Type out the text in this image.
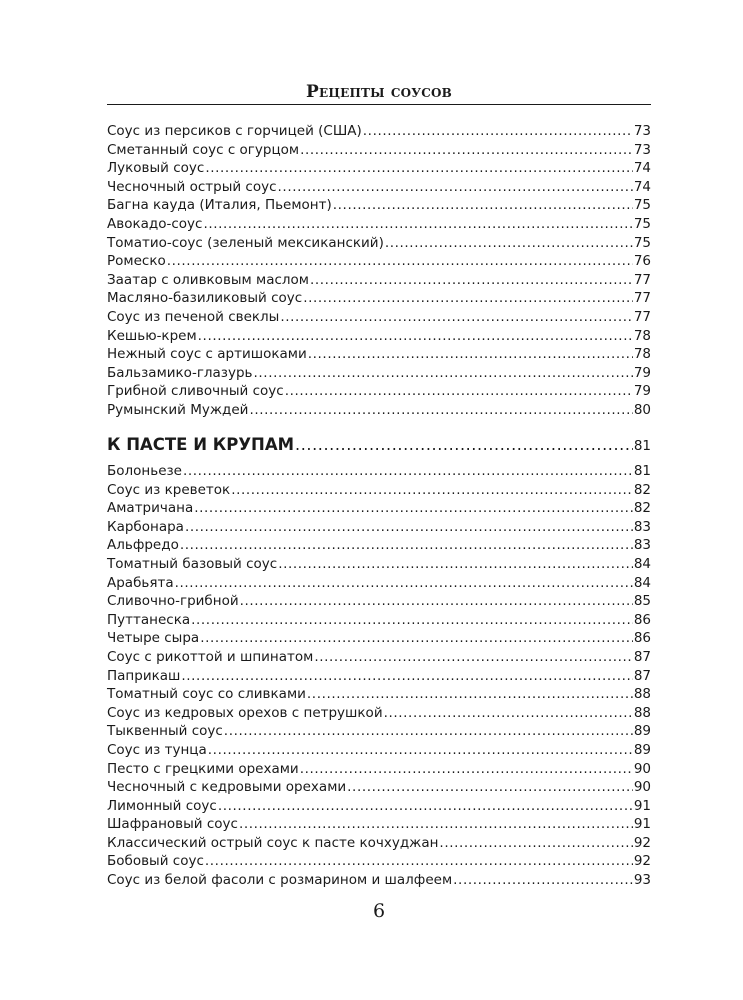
Рецепты соусов
Соус из персиков с горчицей (США) .....	73
Сметанный соус с огурцом .....	73
Луковый соус .....	74
Чесночный острый соус .....	74
Багна кауда (Италия, Пьемонт) .....	75
Авокадо-соус .....	75
Томатио-соус (зеленый мексиканский) .....	75
Ромеско .....	76
Заатар с оливковым маслом .....	77
Масляно-базиликовый соус .....	77
Соус из печеной свеклы .....	77
Кешью-крем .....	78
Нежный соус с артишоками .....	78
Бальзамико-глазурь .....	79
Грибной сливочный соус .....	79
Румынский Муждей .....	80
К ПАСТЕ И КРУПАМ .....	81
Болоньезе .....	81
Соус из креветок .....	82
Аматричана .....	82
Карбонара .....	83
Альфредо .....	83
Томатный базовый соус .....	84
Арабьята .....	84
Сливочно-грибной .....	85
Путтанеска .....	86
Четыре сыра .....	86
Соус с рикоттой и шпинатом .....	87
Паприкаш .....	87
Томатный соус со сливками .....	88
Соус из кедровых орехов с петрушкой .....	88
Тыквенный соус .....	89
Соус из тунца .....	89
Песто с грецкими орехами .....	90
Чесночный с кедровыми орехами .....	90
Лимонный соус .....	91
Шафрановый соус .....	91
Классический острый соус к пасте кочхуджан .....	92
Бобовый соус .....	92
Соус из белой фасоли с розмарином и шалфеем .....	93
6
